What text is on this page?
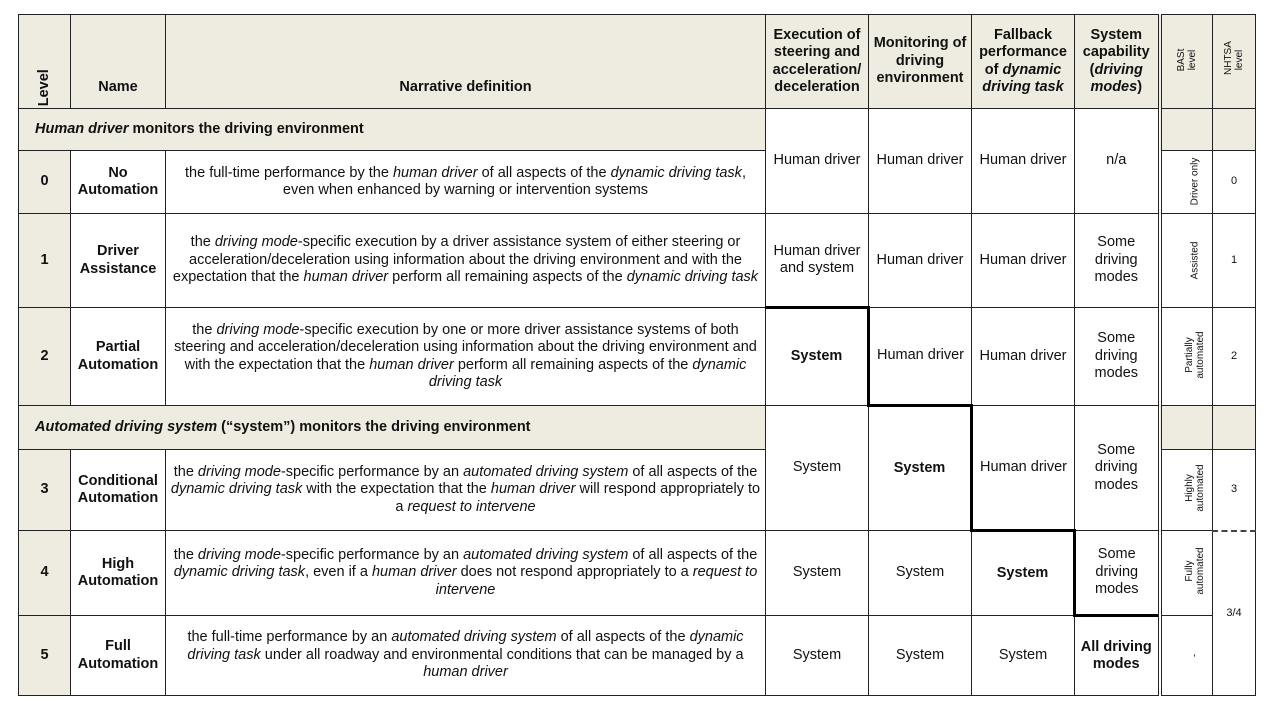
Level	Name	Narrative definition	Execution of steering and acceleration/ deceleration	Monitoring of driving environment	Fallback performance of dynamic driving task	System capability (driving modes)	BASt level	NHTSA level
Human driver monitors the driving environment			Human driver	Human driver	Human driver	n/a		
0	No Automation	the full-time performance by the human driver of all aspects of the dynamic driving task, even when enhanced by warning or intervention systems					Driver only	0
1	Driver Assistance	the driving mode-specific execution by a driver assistance system of either steering or acceleration/deceleration using information about the driving environment and with the expectation that the human driver perform all remaining aspects of the dynamic driving task	Human driver and system	Human driver	Human driver	Some driving modes	Assisted	1
2	Partial Automation	the driving mode-specific execution by one or more driver assistance systems of both steering and acceleration/deceleration using information about the driving environment and with the expectation that the human driver perform all remaining aspects of the dynamic driving task	System	Human driver	Human driver	Some driving modes	Partially automated	2
Automated driving system (“system”) monitors the driving environment			System	System	Human driver	Some driving modes		
3	Conditional Automation	the driving mode-specific performance by an automated driving system of all aspects of the dynamic driving task with the expectation that the human driver will respond appropriately to a request to intervene					Highly automated	3
4	High Automation	the driving mode-specific performance by an automated driving system of all aspects of the dynamic driving task, even if a human driver does not respond appropriately to a request to intervene	System	System	System	Some driving modes	Fully automated	3/4
5	Full Automation	the full-time performance by an automated driving system of all aspects of the dynamic driving task under all roadway and environmental conditions that can be managed by a human driver	System	System	System	All driving modes	-	
